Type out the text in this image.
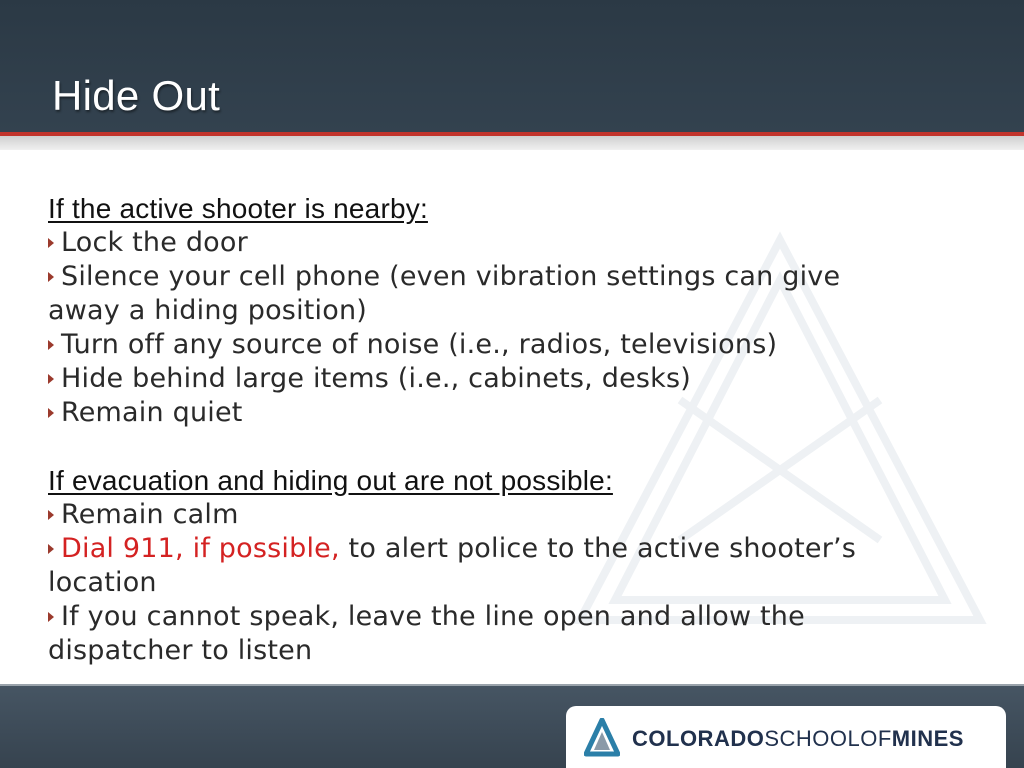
Hide Out
If the active shooter is nearby:
Lock the door
Silence your cell phone (even vibration settings can give
away a hiding position)
Turn off any source of noise (i.e., radios, televisions)
Hide behind large items (i.e., cabinets, desks)
Remain quiet
If evacuation and hiding out are not possible:
Remain calm
Dial 911, if possible, to alert police to the active shooter’s
location
If you cannot speak, leave the line open and allow the
dispatcher to listen
COLORADOSCHOOLOFMINES
